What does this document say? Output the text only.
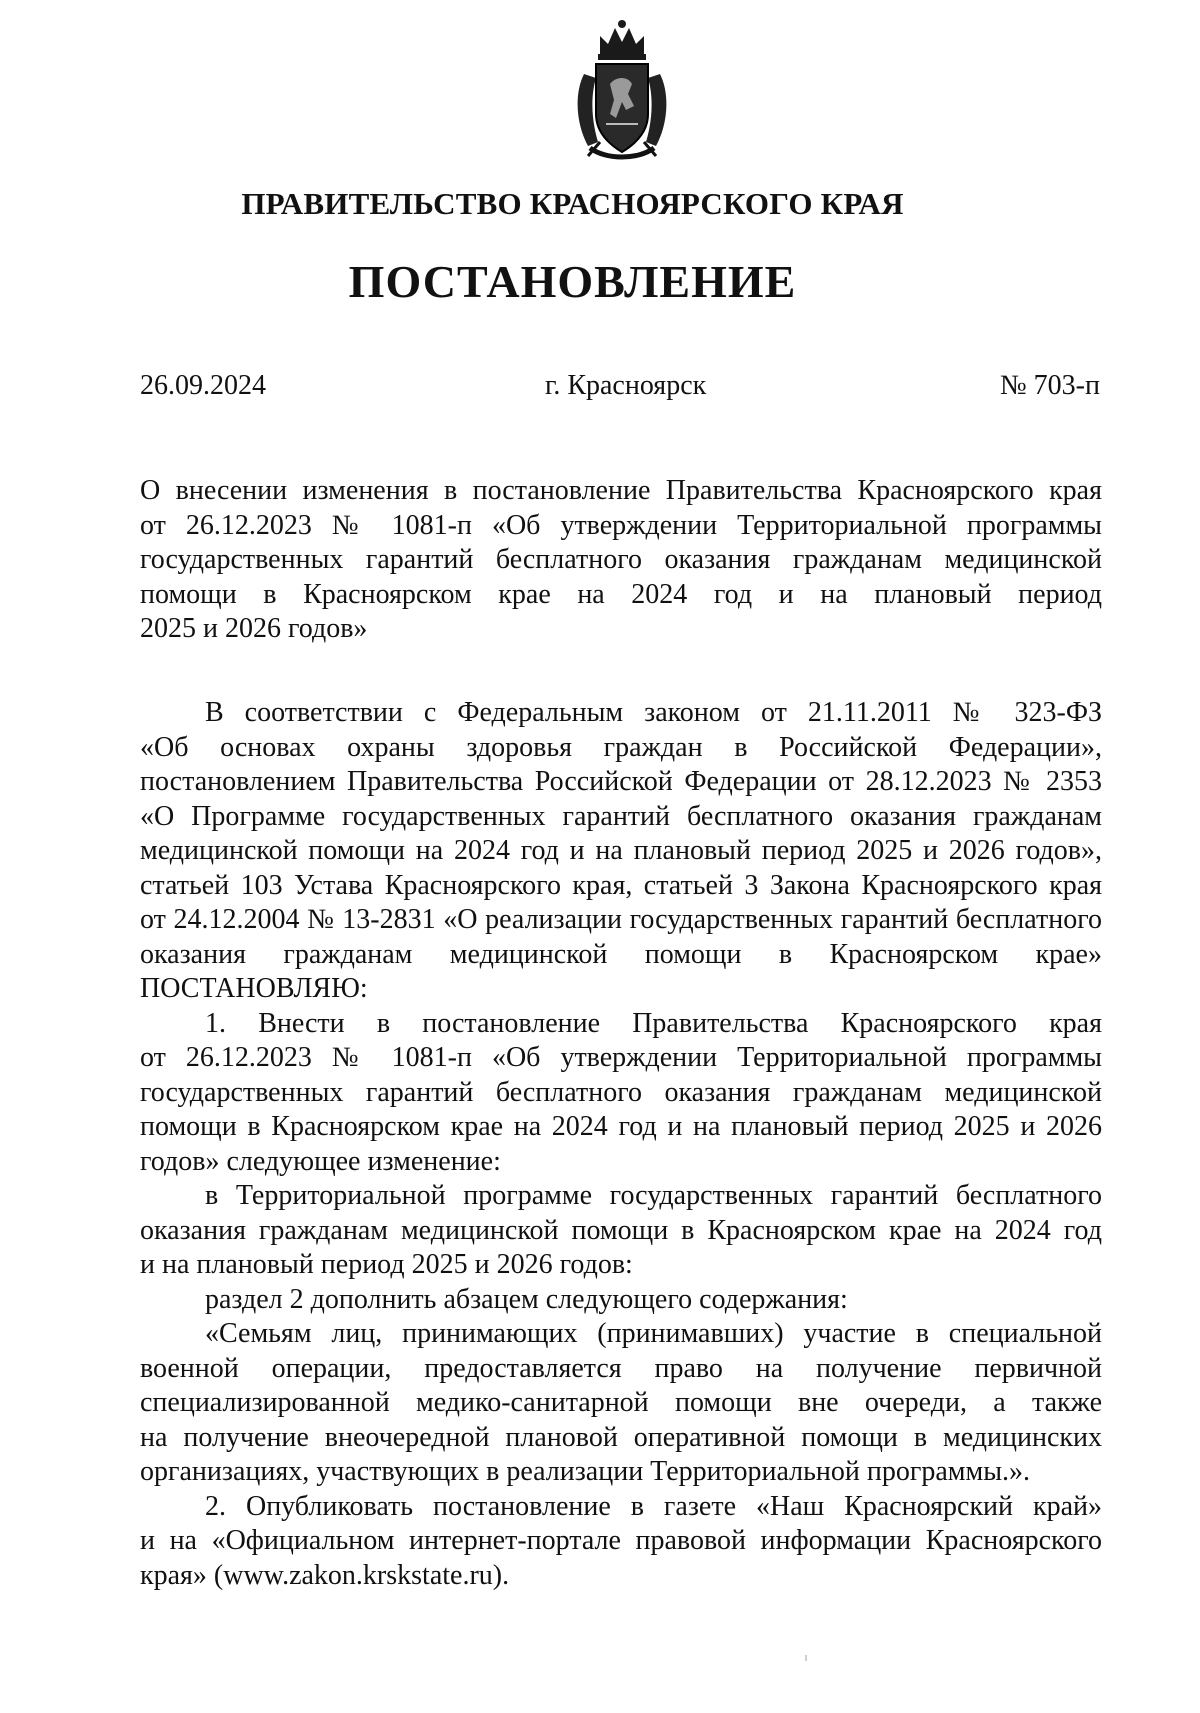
ПРАВИТЕЛЬСТВО КРАСНОЯРСКОГО КРАЯ
ПОСТАНОВЛЕНИЕ
26.09.2024	г. Красноярск	№ 703-п
О внесении изменения в постановление Правительства Красноярского края
от 26.12.2023 № 1081-п «Об утверждении Территориальной программы
государственных гарантий бесплатного оказания гражданам медицинской
помощи в Красноярском крае на 2024 год и на плановый период
2025 и 2026 годов»
В соответствии с Федеральным законом от 21.11.2011 № 323-ФЗ
«Об основах охраны здоровья граждан в Российской Федерации»,
постановлением Правительства Российской Федерации от 28.12.2023 № 2353
«О Программе государственных гарантий бесплатного оказания гражданам
медицинской помощи на 2024 год и на плановый период 2025 и 2026 годов»,
статьей 103 Устава Красноярского края, статьей 3 Закона Красноярского края
от 24.12.2004 № 13-2831 «О реализации государственных гарантий бесплатного
оказания гражданам медицинской помощи в Красноярском крае»
ПОСТАНОВЛЯЮ:
1. Внести в постановление Правительства Красноярского края
от 26.12.2023 № 1081-п «Об утверждении Территориальной программы
государственных гарантий бесплатного оказания гражданам медицинской
помощи в Красноярском крае на 2024 год и на плановый период 2025 и 2026
годов» следующее изменение:
в Территориальной программе государственных гарантий бесплатного
оказания гражданам медицинской помощи в Красноярском крае на 2024 год
и на плановый период 2025 и 2026 годов:
раздел 2 дополнить абзацем следующего содержания:
«Семьям лиц, принимающих (принимавших) участие в специальной
военной операции, предоставляется право на получение первичной
специализированной медико-санитарной помощи вне очереди, а также
на получение внеочередной плановой оперативной помощи в медицинских
организациях, участвующих в реализации Территориальной программы.».
2. Опубликовать постановление в газете «Наш Красноярский край»
и на «Официальном интернет-портале правовой информации Красноярского
края» (www.zakon.krskstate.ru).
